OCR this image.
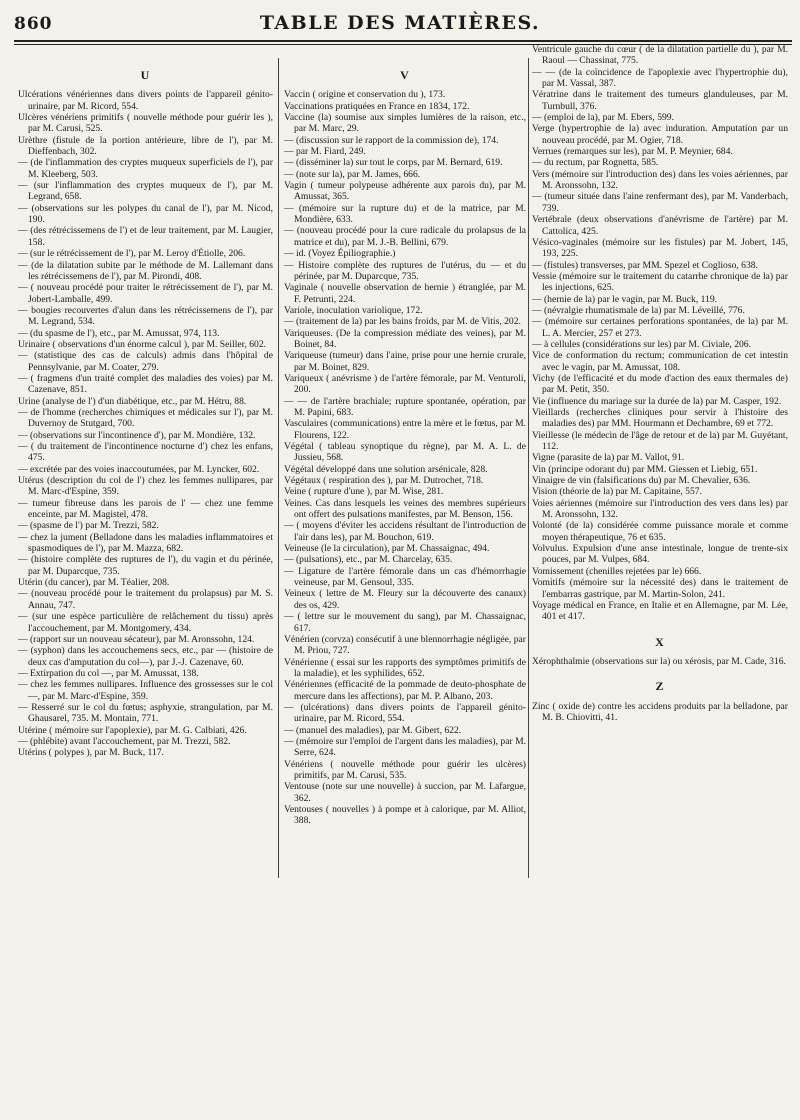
860	TABLE DES MATIÈRES.
U

Ulcérations vénériennes dans divers points de l'appareil génito-urinaire, par M. Ricord, 554.

Ulcères vénériens primitifs ( nouvelle méthode pour guérir les ), par M. Carusi, 525.

Urèthre (fistule de la portion antérieure, libre de l'), par M. Dieffenbach, 302.

— (de l'inflammation des cryptes muqueux superficiels de l'), par M. Kleeberg, 503.

— (sur l'inflammation des cryptes muqueux de l'), par M. Legrand, 658.

— (observations sur les polypes du canal de l'), par M. Nicod, 190.

— (des rétrécissemens de l') et de leur traitement, par M. Laugier, 158.

— (sur le rétrécissement de l'), par M. Leroy d'Étiolle, 206.

— (de la dilatation subite par le méthode de M. Lallemant dans les rétrécissemens de l'), par M. Pirondi, 408.

— ( nouveau procédé pour traiter le rétrécissement de l'), par M. Jobert-Lamballe, 499.

— bougies recouvertes d'alun dans les rétrécissemens de l'), par M. Legrand, 534.

— (du spasme de l'), etc., par M. Amussat, 974, 113.

Urinaire ( observations d'un énorme calcul ), par M. Seiller, 602.

— (statistique des cas de calculs) admis dans l'hôpital de Pennsylvanie, par M. Coater, 279.

— ( fragmens d'un traité complet des maladies des voies) par M. Cazenave, 851.

Urine (analyse de l') d'un diabétique, etc., par M. Hétru, 88.

— de l'homme (recherches chimiques et médicales sur l'), par M. Duvernoy de Stutgard, 700.

— (observations sur l'incontinence d'), par M. Mondière, 132.

— ( du traitement de l'incontinence nocturne d') chez les enfans, 475.

— excrétée par des voies inaccoutumées, par M. Lyncker, 602.

Utérus (description du col de l') chez les femmes nullipares, par M. Marc-d'Espine, 359.

— tumeur fibreuse dans les parois de l' — chez une femme enceinte, par M. Magistel, 478.

— (spasme de l') par M. Trezzi, 582.

— chez la jument (Belladone dans les maladies inflammatoires et spasmodiques de l'), par M. Mazza, 682.

— (histoire complète des ruptures de l'), du vagin et du périnée, par M. Duparcque, 735.

Utérin (du cancer), par M. Téalier, 208.

— (nouveau procédé pour le traitement du prolapsus) par M. S. Annau, 747.

— (sur une espèce particulière de relâchement du tissu) après l'accouchement, par M. Montgomery, 434.

— (rapport sur un nouveau sécateur), par M. Aronssohn, 124.

— (syphon) dans les accouchemens secs, etc., par — (histoire de deux cas d'amputation du col—), par J.-J. Cazenave, 60.

— Extirpation du col —, par M. Amussat, 138.

— chez les femmes nullipares. Influence des grossesses sur le col —, par M. Marc-d'Espine, 359.

— Resserré sur le col du fœtus; asphyxie, strangulation, par M. Ghausarel, 735. M. Montain, 771.

Utérine ( mémoire sur l'apoplexie), par M. G. Calbiati, 426.

— (phlébite) avant l'accouchement, par M. Trezzi, 582.

Utérins ( polypes ), par M. Buck, 117.

V

Vaccin ( origine et conservation du ), 173.

Vaccinations pratiquées en France en 1834, 172.

Vaccine (la) soumise aux simples lumières de la raison, etc., par M. Marc, 29.

— (discussion sur le rapport de la commission de), 174.

— par M. Fiard, 249.

— (disséminer la) sur tout le corps, par M. Bernard, 619.

— (note sur la), par M. James, 666.

Vagin ( tumeur polypeuse adhérente aux parois du), par M. Amussat, 365.

— (mémoire sur la rupture du) et de la matrice, par M. Mondière, 633.

— (nouveau procédé pour la cure radicale du prolapsus de la matrice et du), par M. J.-B. Bellini, 679.

— id. (Voyez Épiliographie.)

— Histoire complète des ruptures de l'utérus, du — et du périnée, par M. Duparcque, 735.

Vaginale ( nouvelle observation de hernie ) étranglée, par M. F. Petrunti, 224.

Variole, inoculation variolique, 172.

— (traitement de la) par les bains froids, par M. de Vitis, 202.

Variqueuses. (De la compression médiate des veines), par M. Boinet, 84.

Variqueuse (tumeur) dans l'aine, prise pour une hernie crurale, par M. Boinet, 829.

Variqueux ( anévrisme ) de l'artère fémorale, par M. Venturoli, 200.

— — de l'artère brachiale; rupture spontanée, opération, par M. Papini, 683.

Vasculaires (communications) entre la mère et le fœtus, par M. Flourens, 122.

Végétal ( tableau synoptique du règne), par M. A. L. de Jussieu, 568.

Végétal développé dans une solution arsénicale, 828.

Végétaux ( respiration des ), par M. Dutrochet, 718.

Veine ( rupture d'une ), par M. Wise, 281.

Veines. Cas dans lesquels les veines des membres supérieurs ont offert des pulsations manifestes, par M. Benson, 156.

— ( moyens d'éviter les accidens résultant de l'introduction de l'air dans les), par M. Bouchon, 619.

Veineuse (le la circulation), par M. Chassaignac, 494.

— (pulsations), etc., par M. Charcelay, 635.

— Ligature de l'artère fémorale dans un cas d'hémorrhagie veineuse, par M. Gensoul, 335.

Veineux ( lettre de M. Fleury sur la découverte des canaux) des os, 429.

— ( lettre sur le mouvement du sang), par M. Chassaignac, 617.

Vénérien (corvza) consécutif à une blennorrhagie négligée, par M. Priou, 727.

Vénérienne ( essai sur les rapports des symptômes primitifs de la maladie), et les syphilides, 652.

Vénériennes (efficacité de la pommade de deuto-phosphate de mercure dans les affections), par M. P. Albano, 203.

— (ulcérations) dans divers points de l'appareil génito-urinaire, par M. Ricord, 554.

— (manuel des maladies), par M. Gibert, 622.

— (mémoire sur l'emploi de l'argent dans les maladies), par M. Serre, 624.

Vénériens ( nouvelle méthode pour guérir les ulcères) primitifs, par M. Carusi, 535.

Ventouse (note sur une nouvelle) à succion, par M. Lafargue, 362.

Ventouses ( nouvelles ) à pompe et à calorique, par M. Alliot, 388.

Ventricule gauche du cœur ( de la dilatation partielle du ), par M. Raoul — Chassinat, 775.

— — (de la coïncidence de l'apoplexie avec l'hypertrophie du), par M. Vassal, 387.

Vératrine dans le traitement des tumeurs glanduleuses, par M. Turnbull, 376.

— (emploi de la), par M. Ebers, 599.

Verge (hypertrophie de la) avec induration. Amputation par un nouveau procédé, par M. Ogier, 718.

Verrues (remarques sur les), par M. P. Meynier, 684.

— du rectum, par Rognetta, 585.

Vers (mémoire sur l'introduction des) dans les voies aériennes, par M. Aronssohn, 132.

— (tumeur située dans l'aine renfermant des), par M. Vanderbach, 739.

Vertébrale (deux observations d'anévrisme de l'artère) par M. Cattolica, 425.

Vésico-vaginales (mémoire sur les fistules) par M. Jobert, 145, 193, 225.

— (fistules) transverses, par MM. Spezel et Coglioso, 638.

Vessie (mémoire sur le traitement du catarrhe chronique de la) par les injections, 625.

— (hernie de la) par le vagin, par M. Buck, 119.

— (névralgie rhumatismale de la) par M. Léveillé, 776.

— (mémoire sur certaines perforations spontanées, de la) par M. L. A. Mercier, 257 et 273.

— à cellules (considérations sur les) par M. Civiale, 206.

Vice de conformation du rectum; communication de cet intestin avec le vagin, par M. Amussat, 108.

Vichy (de l'efficacité et du mode d'action des eaux thermales de) par M. Petit, 350.

Vie (influence du mariage sur la durée de la) par M. Casper, 192.

Vieillards (recherches cliniques pour servir à l'histoire des maladies des) par MM. Hourmann et Dechambre, 69 et 772.

Vieillesse (le médecin de l'âge de retour et de la) par M. Guyétant, 112.

Vigne (parasite de la) par M. Vallot, 91.

Vin (principe odorant du) par MM. Giessen et Liebig, 651.

Vinaigre de vin (falsifications du) par M. Chevalier, 636.

Vision (théorie de la) par M. Capitaine, 557.

Voies aériennes (mémoire sur l'introduction des vers dans les) par M. Aronssohn, 132.

Volonté (de la) considérée comme puissance morale et comme moyen thérapeutique, 76 et 635.

Volvulus. Expulsion d'une anse intestinale, longue de trente-six pouces, par M. Vulpes, 684.

Vomissement (chenilles rejetées par le) 666.

Vomitifs (mémoire sur la nécessité des) dans le traitement de l'embarras gastrique, par M. Martin-Solon, 241.

Voyage médical en France, en Italie et en Allemagne, par M. Lée, 401 et 417.

X

Xérophthalmie (observations sur la) ou xérosis, par M. Cade, 316.

Z

Zinc ( oxide de) contre les accidens produits par la belladone, par M. B. Chiovitti, 41.
